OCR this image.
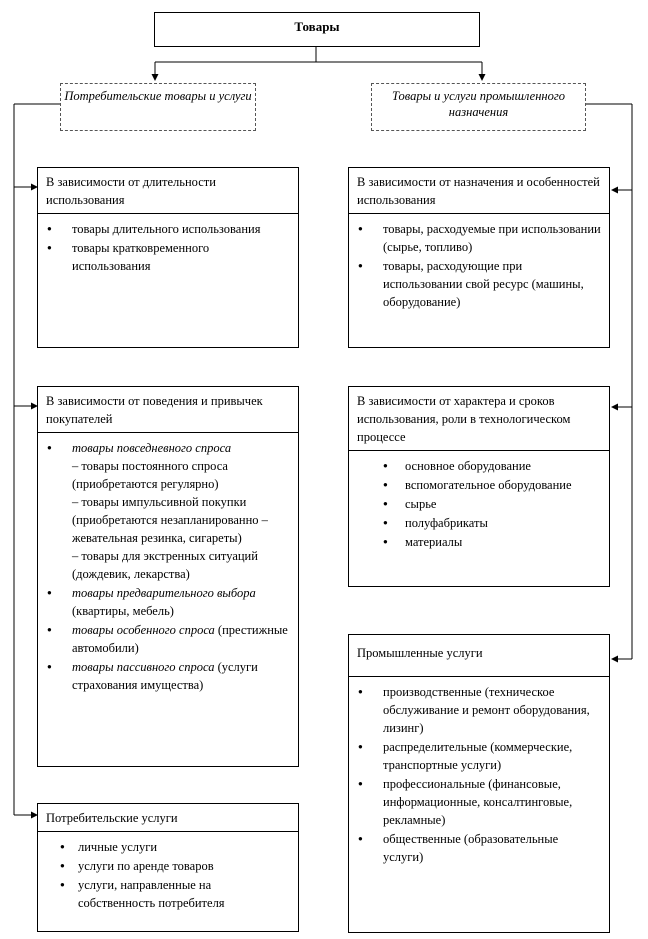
Товары
Потребительские товары и услуги	Товары и услуги промышленного назначения
В зависимости от длительности использования
● товары длительного использования
● товары кратковременного использования
В зависимости от поведения и привычек покупателей
● товары повседневного спроса
– товары постоянного спроса (приобретаются регулярно)
– товары импульсивной покупки (приобретаются незапланированно – жевательная резинка, сигареты)
– товары для экстренных ситуаций (дождевик, лекарства)
● товары предварительного выбора (квартиры, мебель)
● товары особенного спроса (престижные автомобили)
● товары пассивного спроса (услуги страхования имущества)
Потребительские услуги
● личные услуги
● услуги по аренде товаров
● услуги, направленные на собственность потребителя
В зависимости от назначения и особенностей использования
● товары, расходуемые при использовании (сырье, топливо)
● товары, расходующие при использовании свой ресурс (машины, оборудование)
В зависимости от характера и сроков использования, роли в технологическом процессе
● основное оборудование
● вспомогательное оборудование
● сырье
● полуфабрикаты
● материалы
Промышленные услуги
● производственные (техническое обслуживание и ремонт оборудования, лизинг)
● распределительные (коммерческие, транспортные услуги)
● профессиональные (финансовые, информационные, консалтинговые, рекламные)
● общественные (образовательные услуги)
